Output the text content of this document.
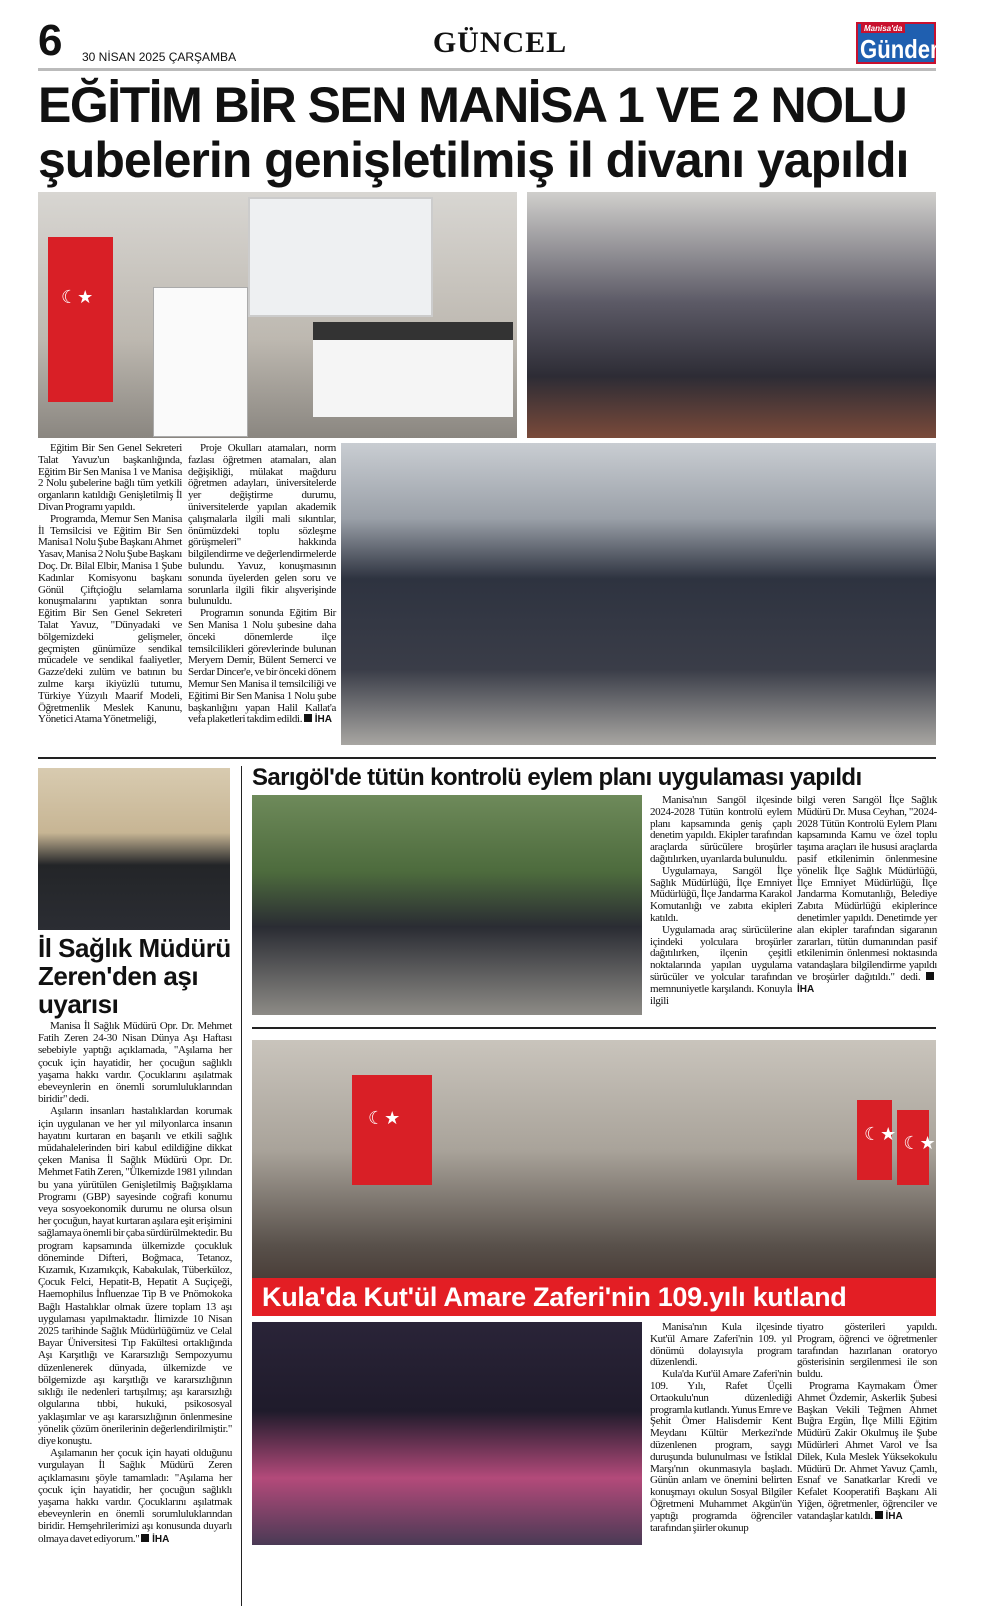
6 30 NİSAN 2025 ÇARŞAMBA	GÜNCEL	Manisa'da
Gündem
EĞİTİM BİR SEN MANİSA 1 VE 2 NOLU
şubelerin genişletilmiş il divanı yapıldı
☾★

Eğitim Bir Sen Genel Sekreteri Talat Yavuz'un başkanlığında, Eğitim Bir Sen Manisa 1 ve Manisa 2 Nolu şubelerine bağlı tüm yetkili organların katıldığı Genişletilmiş İl Divan Programı yapıldı.

Programda, Memur Sen Manisa İl Temsilcisi ve Eğitim Bir Sen Manisa1 Nolu Şube Başkanı Ahmet Yasav, Manisa 2 Nolu Şube Başkanı Doç. Dr. Bilal Elbir, Manisa 1 Şube Kadınlar Komisyonu başkanı Gönül Çiftçioğlu selamlama konuşmalarını yaptıktan sonra Eğitim Bir Sen Genel Sekreteri Talat Yavuz, "Dünyadaki ve bölgemizdeki gelişmeler, geçmişten günümüze sendikal mücadele ve sendikal faaliyetler, Gazze'deki zulüm ve batının bu zulme karşı ikiyüzlü tutumu, Türkiye Yüzyılı Maarif Modeli, Öğretmenlik Meslek Kanunu, Yönetici Atama Yönetmeliği,

Proje Okulları atamaları, norm fazlası öğretmen atamaları, alan değişikliği, mülakat mağduru öğretmen adayları, üniversitelerde yer değiştirme durumu, üniversitelerde yapılan akademik çalışmalarla ilgili mali sıkıntılar, önümüzdeki toplu sözleşme görüşmeleri" hakkında bilgilendirme ve değerlendirmelerde bulundu. Yavuz, konuşmasının sonunda üyelerden gelen soru ve sorunlarla ilgili fikir alışverişinde bulunuldu.

Programın sonunda Eğitim Bir Sen Manisa 1 Nolu şubesine daha önceki dönemlerde ilçe temsilcilikleri görevlerinde bulunan Meryem Demir, Bülent Semerci ve Serdar Dincer'e, ve bir önceki dönem Memur Sen Manisa il temsilciliği ve Eğitimi Bir Sen Manisa 1 Nolu şube başkanlığını yapan Halil Kallat'a vefa plaketleri takdim edildi. İHA

İl Sağlık Müdürü Zeren'den aşı uyarısı

Manisa İl Sağlık Müdürü Opr. Dr. Mehmet Fatih Zeren 24-30 Nisan Dünya Aşı Haftası sebebiyle yaptığı açıklamada, "Aşılama her çocuk için hayatidir, her çocuğun sağlıklı yaşama hakkı vardır. Çocuklarını aşılatmak ebeveynlerin en önemli sorumluluklarından biridir" dedi.

Aşıların insanları hastalıklardan korumak için uygulanan ve her yıl milyonlarca insanın hayatını kurtaran en başarılı ve etkili sağlık müdahalelerinden biri kabul edildiğine dikkat çeken Manisa İl Sağlık Müdürü Opr. Dr. Mehmet Fatih Zeren, "Ülkemizde 1981 yılından bu yana yürütülen Genişletilmiş Bağışıklama Programı (GBP) sayesinde coğrafi konumu veya sosyoekonomik durumu ne olursa olsun her çocuğun, hayat kurtaran aşılara eşit erişimini sağlamaya önemli bir çaba sürdürülmektedir. Bu program kapsamında ülkemizde çocukluk döneminde Difteri, Boğmaca, Tetanoz, Kızamık, Kızamıkçık, Kabakulak, Tüberküloz, Çocuk Felci, Hepatit-B, Hepatit A Suçiçeği, Haemophilus İnfluenzae Tip B ve Pnömokoka Bağlı Hastalıklar olmak üzere toplam 13 aşı uygulaması yapılmaktadır. İlimizde 10 Nisan 2025 tarihinde Sağlık Müdürlüğümüz ve Celal Bayar Üniversitesi Tıp Fakültesi ortaklığında Aşı Karşıtlığı ve Kararsızlığı Sempozyumu düzenlenerek dünyada, ülkemizde ve bölgemizde aşı karşıtlığı ve kararsızlığının sıklığı ile nedenleri tartışılmış; aşı kararsızlığı olgularına tıbbi, hukuki, psikososyal yaklaşımlar ve aşı kararsızlığının önlenmesine yönelik çözüm önerilerinin değerlendirilmiştir." diye konuştu.

Aşılamanın her çocuk için hayati olduğunu vurgulayan İl Sağlık Müdürü Zeren açıklamasını şöyle tamamladı: "Aşılama her çocuk için hayatidir, her çocuğun sağlıklı yaşama hakkı vardır. Çocuklarını aşılatmak ebeveynlerin en önemli sorumluluklarından biridir. Hemşehrilerimizi aşı konusunda duyarlı olmaya davet ediyorum." İHA

Sarıgöl'de tütün kontrolü eylem planı uygulaması yapıldı

Manisa'nın Sarıgöl ilçesinde 2024-2028 Tütün kontrolü eylem planı kapsamında geniş çaplı denetim yapıldı. Ekipler tarafından araçlarda sürücülere broşürler dağıtılırken, uyarılarda bulunuldu.

Uygulamaya, Sarıgöl İlçe Sağlık Müdürlüğü, İlçe Emniyet Müdürlüğü, İlçe Jandarma Karakol Komutanlığı ve zabıta ekipleri katıldı.

Uygulamada araç sürücülerine içindeki yolculara broşürler dağıtılırken, ilçenin çeşitli noktalarında yapılan uygulama sürücüler ve yolcular tarafından memnuniyetle karşılandı. Konuyla ilgili

bilgi veren Sarıgöl İlçe Sağlık Müdürü Dr. Musa Ceyhan, "2024-2028 Tütün Kontrolü Eylem Planı kapsamında Kamu ve özel toplu taşıma araçları ile hususi araçlarda pasif etkilenimin önlenmesine yönelik İlçe Sağlık Müdürlüğü, İlçe Emniyet Müdürlüğü, İlçe Jandarma Komutanlığı, Belediye Zabıta Müdürlüğü ekiplerince denetimler yapıldı. Denetimde yer alan ekipler tarafından sigaranın zararları, tütün dumanından pasif etkilenimin önlenmesi noktasında vatandaşlara bilgilendirme yapıldı ve broşürler dağıtıldı." dedi. İHA

☾★
☾★
☾★
Kula'da Kut'ül Amare Zaferi'nin 109.yılı kutland

Manisa'nın Kula ilçesinde Kut'ül Amare Zaferi'nin 109. yıl dönümü dolayısıyla program düzenlendi.

Kula'da Kut'ül Amare Zaferi'nin 109. Yılı, Rafet Üçelli Ortaokulu'nun düzenlediği programla kutlandı. Yunus Emre ve Şehit Ömer Halisdemir Kent Meydanı Kültür Merkezi'nde düzenlenen program, saygı duruşunda bulunulması ve İstiklal Marşı'nın okunmasıyla başladı. Günün anlam ve önemini belirten konuşmayı okulun Sosyal Bilgiler Öğretmeni Muhammet Akgün'ün yaptığı programda öğrenciler tarafından şiirler okunup

tiyatro gösterileri yapıldı. Program, öğrenci ve öğretmenler tarafından hazırlanan oratoryo gösterisinin sergilenmesi ile son buldu.

Programa Kaymakam Ömer Ahmet Özdemir, Askerlik Şubesi Başkan Vekili Teğmen Ahmet Buğra Ergün, İlçe Milli Eğitim Müdürü Zakir Okulmuş ile Şube Müdürleri Ahmet Varol ve İsa Dilek, Kula Meslek Yüksekokulu Müdürü Dr. Ahmet Yavuz Çamlı, Esnaf ve Sanatkarlar Kredi ve Kefalet Kooperatifi Başkanı Ali Yiğen, öğretmenler, öğrenciler ve vatandaşlar katıldı. İHA
